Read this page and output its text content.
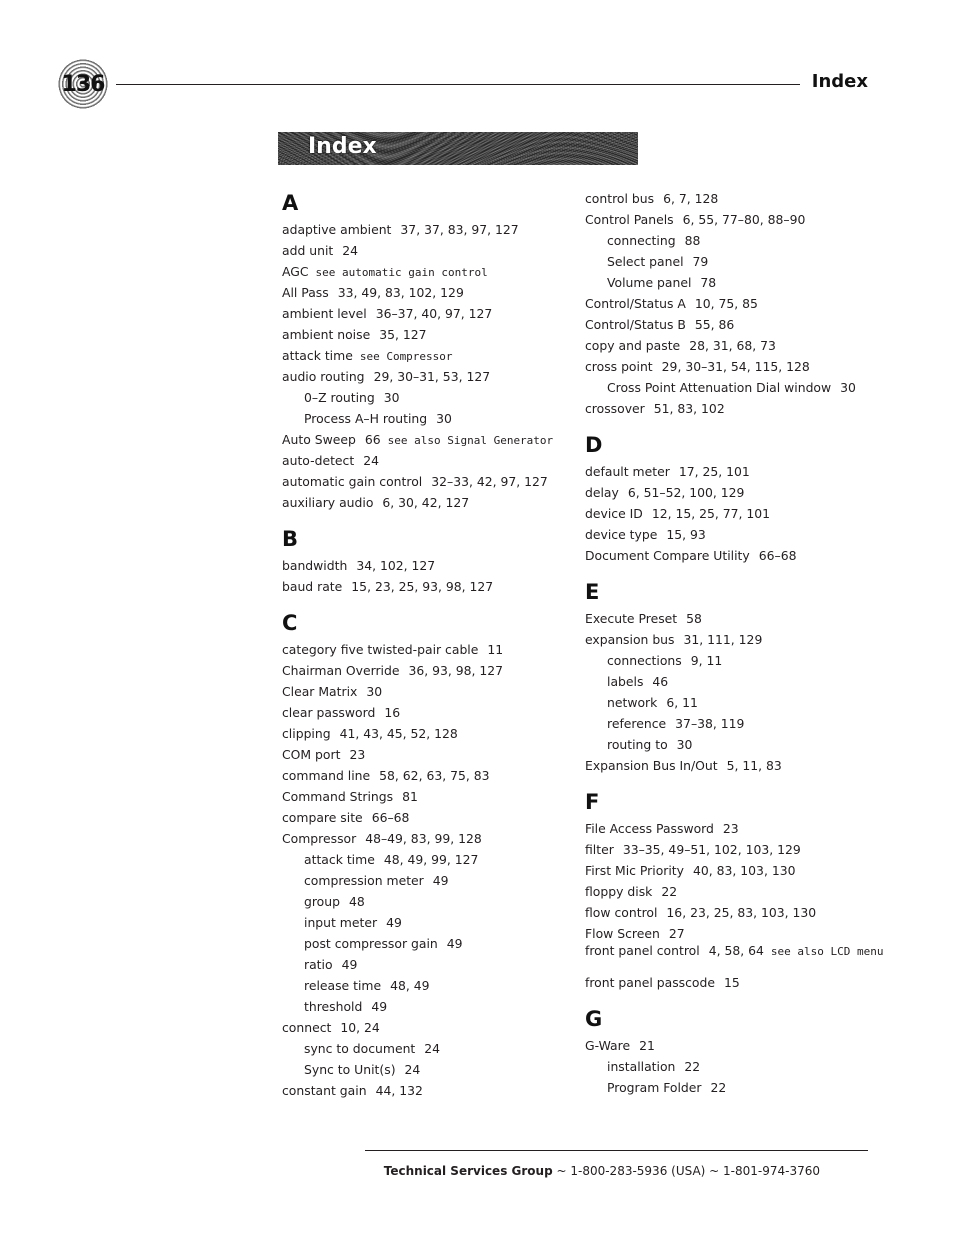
136	Index
Index
A
adaptive ambient 37, 37, 83, 97, 127
add unit 24
AGC see automatic gain control
All Pass 33, 49, 83, 102, 129
ambient level 36–37, 40, 97, 127
ambient noise 35, 127
attack time see Compressor
audio routing 29, 30–31, 53, 127
0–Z routing 30
Process A–H routing 30
Auto Sweep 66 see also Signal Generator
auto-detect 24
automatic gain control 32–33, 42, 97, 127
auxiliary audio 6, 30, 42, 127
B
bandwidth 34, 102, 127
baud rate 15, 23, 25, 93, 98, 127
C
category five twisted-pair cable 11
Chairman Override 36, 93, 98, 127
Clear Matrix 30
clear password 16
clipping 41, 43, 45, 52, 128
COM port 23
command line 58, 62, 63, 75, 83
Command Strings 81
compare site 66–68
Compressor 48–49, 83, 99, 128
attack time 48, 49, 99, 127
compression meter 49
group 48
input meter 49
post compressor gain 49
ratio 49
release time 48, 49
threshold 49
connect 10, 24
sync to document 24
Sync to Unit(s) 24
constant gain 44, 132
control bus 6, 7, 128
Control Panels 6, 55, 77–80, 88–90
connecting 88
Select panel 79
Volume panel 78
Control/Status A 10, 75, 85
Control/Status B 55, 86
copy and paste 28, 31, 68, 73
cross point 29, 30–31, 54, 115, 128
Cross Point Attenuation Dial window 30
crossover 51, 83, 102
D
default meter 17, 25, 101
delay 6, 51–52, 100, 129
device ID 12, 15, 25, 77, 101
device type 15, 93
Document Compare Utility 66–68
E
Execute Preset 58
expansion bus 31, 111, 129
connections 9, 11
labels 46
network 6, 11
reference 37–38, 119
routing to 30
Expansion Bus In/Out 5, 11, 83
F
File Access Password 23
filter 33–35, 49–51, 102, 103, 129
First Mic Priority 40, 83, 103, 130
floppy disk 22
flow control 16, 23, 25, 83, 103, 130
Flow Screen 27
front panel control 4, 58, 64 see also LCD menu
front panel passcode 15
G
G-Ware 21
installation 22
Program Folder 22
Technical Services Group ~ 1-800-283-5936 (USA) ~ 1-801-974-3760
